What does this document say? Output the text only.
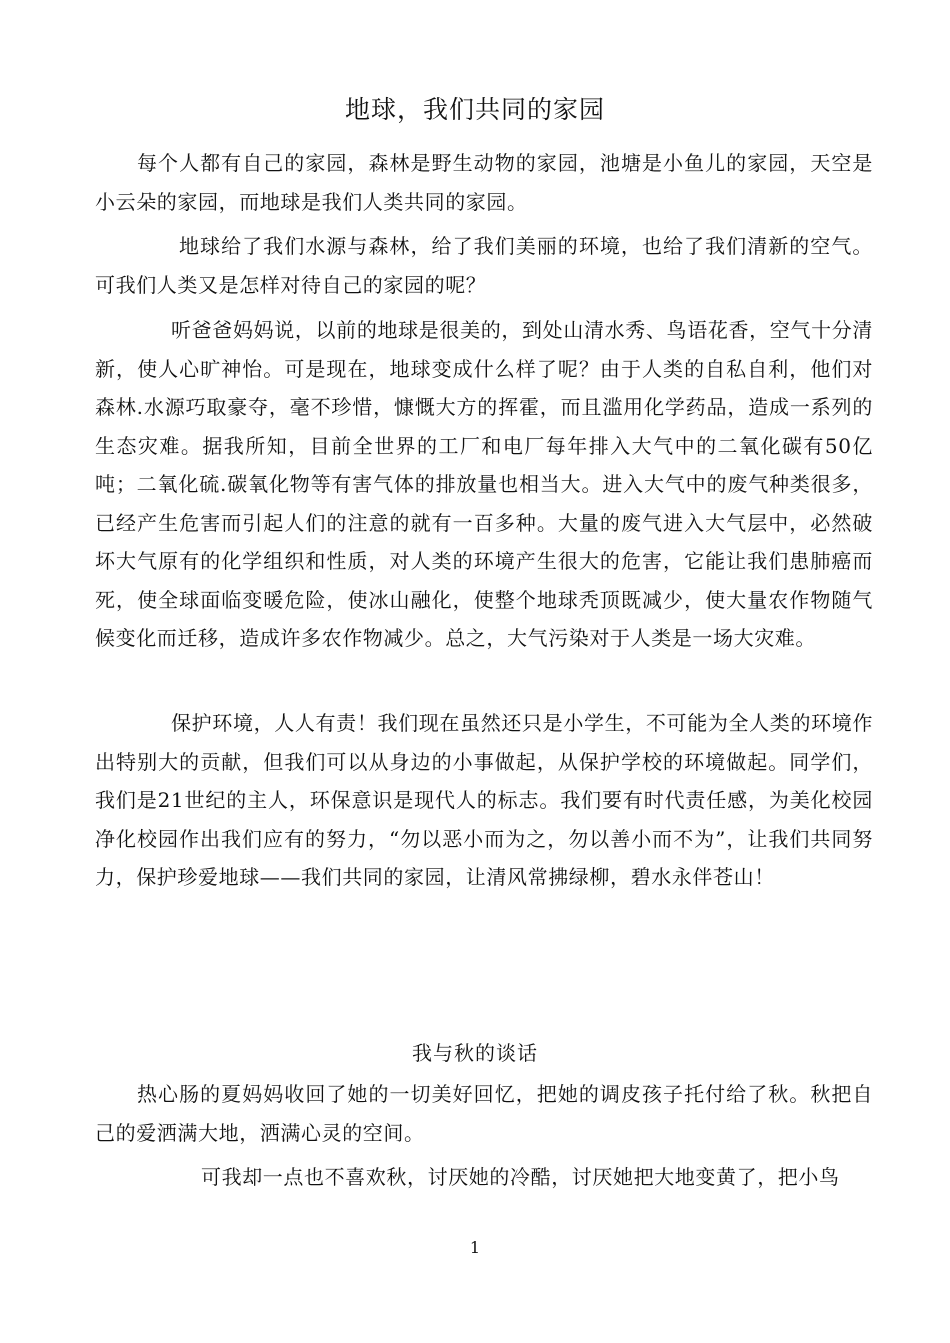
地球，我们共同的家园

每个人都有自己的家园，森林是野生动物的家园，池塘是小鱼儿的家园，天空是小云朵的家园，而地球是我们人类共同的家园。

地球给了我们水源与森林，给了我们美丽的环境，也给了我们清新的空气。可我们人类又是怎样对待自己的家园的呢？

听爸爸妈妈说，以前的地球是很美的，到处山清水秀、鸟语花香，空气十分清新，使人心旷神怡。可是现在，地球变成什么样了呢？由于人类的自私自利，他们对森林.水源巧取豪夺，毫不珍惜，慷慨大方的挥霍，而且滥用化学药品，造成一系列的生态灾难。据我所知，目前全世界的工厂和电厂每年排入大气中的二氧化碳有50亿吨；二氧化硫.碳氧化物等有害气体的排放量也相当大。进入大气中的废气种类很多，已经产生危害而引起人们的注意的就有一百多种。大量的废气进入大气层中，必然破坏大气原有的化学组织和性质，对人类的环境产生很大的危害，它能让我们患肺癌而死，使全球面临变暖危险，使冰山融化，使整个地球秃顶既减少，使大量农作物随气候变化而迁移，造成许多农作物减少。总之，大气污染对于人类是一场大灾难。

保护环境，人人有责！我们现在虽然还只是小学生，不可能为全人类的环境作出特别大的贡献，但我们可以从身边的小事做起，从保护学校的环境做起。同学们，我们是21世纪的主人，环保意识是现代人的标志。我们要有时代责任感，为美化校园净化校园作出我们应有的努力，“勿以恶小而为之，勿以善小而不为”，让我们共同努力，保护珍爱地球——我们共同的家园，让清风常拂绿柳，碧水永伴苍山！

我与秋的谈话

热心肠的夏妈妈收回了她的一切美好回忆，把她的调皮孩子托付给了秋。秋把自己的爱洒满大地，洒满心灵的空间。

可我却一点也不喜欢秋，讨厌她的冷酷，讨厌她把大地变黄了，把小鸟

1
